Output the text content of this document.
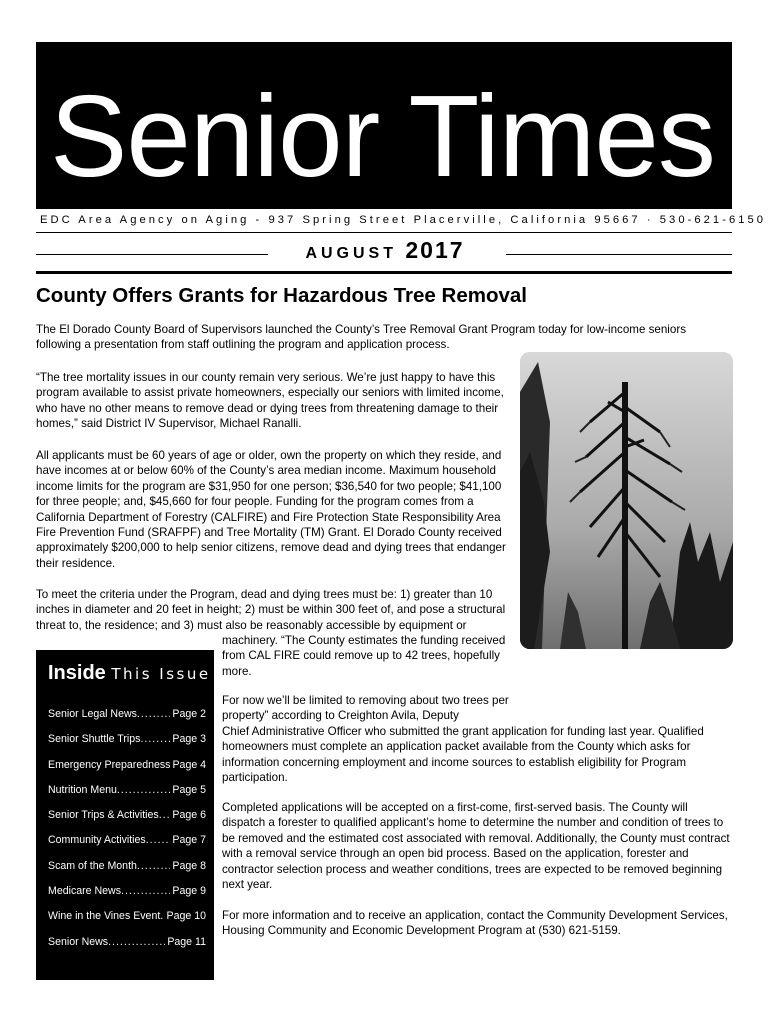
Senior Times
EDC Area Agency on Aging - 937 Spring Street Placerville, California 95667 · 530-621-6150
AUGUST 2017
County Offers Grants for Hazardous Tree Removal

The El Dorado County Board of Supervisors launched the County’s Tree Removal Grant Program today for low-income seniors following a presentation from staff outlining the program and application process.

“The tree mortality issues in our county remain very serious. We’re just happy to have this program available to assist private homeowners, especially our seniors with limited income, who have no other means to remove dead or dying trees from threatening damage to their homes,” said District IV Supervisor, Michael Ranalli.

All applicants must be 60 years of age or older, own the property on which they reside, and have incomes at or below 60% of the County’s area median income. Maximum household income limits for the program are $31,950 for one person; $36,540 for two people; $41,100 for three people; and, $45,660 for four people. Funding for the program comes from a California Department of Forestry (CALFIRE) and Fire Protection State Responsibility Area Fire Prevention Fund (SRAFPF) and Tree Mortality (TM) Grant. El Dorado County received approximately $200,000 to help senior citizens, remove dead and dying trees that endanger their residence.

To meet the criteria under the Program, dead and dying trees must be: 1) greater than 10 inches in diameter and 20 feet in height; 2) must be within 300 feet of, and pose a structural threat to, the residence; and 3) must also be reasonably accessible by equipment or

machinery. “The County estimates the funding received from CAL FIRE could remove up to 42 trees, hopefully more.

For now we’ll be limited to removing about two trees per property” according to Creighton Avila, Deputy

Chief Administrative Officer who submitted the grant application for funding last year. Qualified homeowners must complete an application packet available from the County which asks for information concerning employment and income sources to establish eligibility for Program participation.

Completed applications will be accepted on a first-come, first-served basis. The County will dispatch a forester to qualified applicant’s home to determine the number and condition of trees to be removed and the estimated cost associated with removal. Additionally, the County must contract with a removal service through an open bid process. Based on the application, forester and contractor selection process and weather conditions, trees are expected to be removed beginning next year.

For more information and to receive an application, contact the Community Development Services, Housing Community and Economic Development Program at (530) 621-5159.

Inside This Issue
Senior Legal News .....	Page 2
Senior Shuttle Trips .....	Page 3
Emergency Preparedness Page 4
Nutrition Menu .....	Page 5
Senior Trips & Activities ..... Page 6
Community Activities .....	Page 7
Scam of the Month .....	Page 8
Medicare News .....	Page 9
Wine in the Vines Event ..... Page 10
Senior News .....	Page 11
